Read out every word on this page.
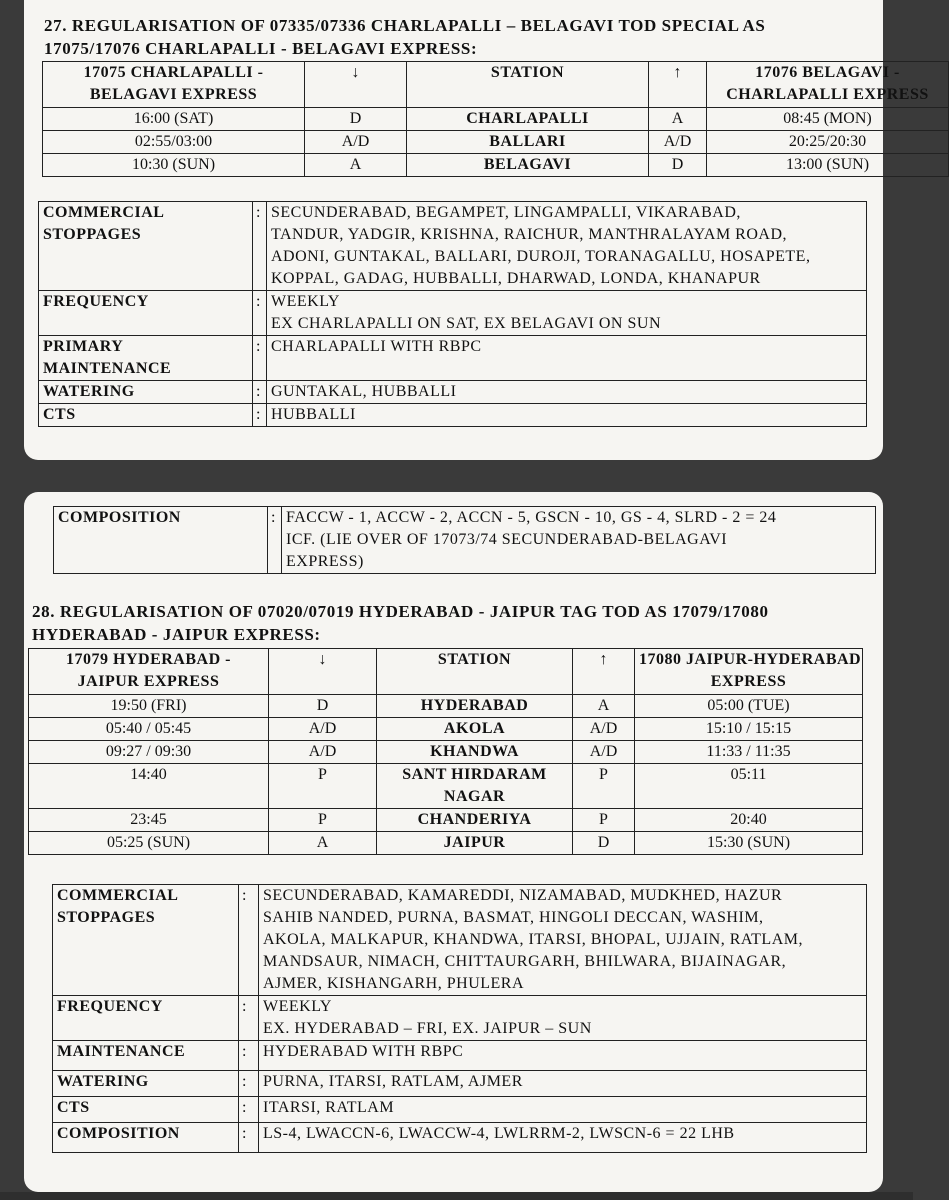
27. REGULARISATION OF 07335/07336 CHARLAPALLI – BELAGAVI TOD SPECIAL AS
17075/17076 CHARLAPALLI - BELAGAVI EXPRESS:
17075 CHARLAPALLI -
BELAGAVI EXPRESS	↓	STATION	↑	17076 BELAGAVI -
CHARLAPALLI EXPRESS

16:00 (SAT)	D	CHARLAPALLI	A	08:45 (MON)
02:55/03:00	A/D	BALLARI	A/D	20:25/20:30
10:30 (SUN)	A	BELAGAVI	D	13:00 (SUN)
COMMERCIAL
STOPPAGES	:	SECUNDERABAD, BEGAMPET, LINGAMPALLI, VIKARABAD,
TANDUR, YADGIR, KRISHNA, RAICHUR, MANTHRALAYAM ROAD,
ADONI, GUNTAKAL, BALLARI, DUROJI, TORANAGALLU, HOSAPETE,
KOPPAL, GADAG, HUBBALLI, DHARWAD, LONDA, KHANAPUR

FREQUENCY	:	WEEKLY
EX CHARLAPALLI ON SAT, EX BELAGAVI ON SUN

PRIMARY
MAINTENANCE	:	CHARLAPALLI WITH RBPC
WATERING	:	GUNTAKAL, HUBBALLI
CTS	:	HUBBALLI
COMPOSITION	:	FACCW - 1, ACCW - 2, ACCN - 5, GSCN - 10, GS - 4, SLRD - 2 = 24
ICF. (LIE OVER OF 17073/74 SECUNDERABAD-BELAGAVI
EXPRESS)
28. REGULARISATION OF 07020/07019 HYDERABAD - JAIPUR TAG TOD AS 17079/17080
HYDERABAD - JAIPUR EXPRESS:
17079 HYDERABAD -
JAIPUR EXPRESS	↓	STATION	↑	17080 JAIPUR-HYDERABAD
EXPRESS

19:50 (FRI)	D	HYDERABAD	A	05:00 (TUE)
05:40 / 05:45	A/D	AKOLA	A/D	15:10 / 15:15
09:27 / 09:30	A/D	KHANDWA	A/D	11:33 / 11:35
14:40	P	SANT HIRDARAM
NAGAR	P	05:11
23:45	P	CHANDERIYA	P	20:40
05:25 (SUN)	A	JAIPUR	D	15:30 (SUN)
COMMERCIAL
STOPPAGES	:	SECUNDERABAD, KAMAREDDI, NIZAMABAD, MUDKHED, HAZUR
SAHIB NANDED, PURNA, BASMAT, HINGOLI DECCAN, WASHIM,
AKOLA, MALKAPUR, KHANDWA, ITARSI, BHOPAL, UJJAIN, RATLAM,
MANDSAUR, NIMACH, CHITTAURGARH, BHILWARA, BIJAINAGAR,
AJMER, KISHANGARH, PHULERA

FREQUENCY	:	WEEKLY
EX. HYDERABAD – FRI, EX. JAIPUR – SUN

MAINTENANCE	:	HYDERABAD WITH RBPC
WATERING	:	PURNA, ITARSI, RATLAM, AJMER
CTS	:	ITARSI, RATLAM
COMPOSITION	:	LS-4, LWACCN-6, LWACCW-4, LWLRRM-2, LWSCN-6 = 22 LHB
